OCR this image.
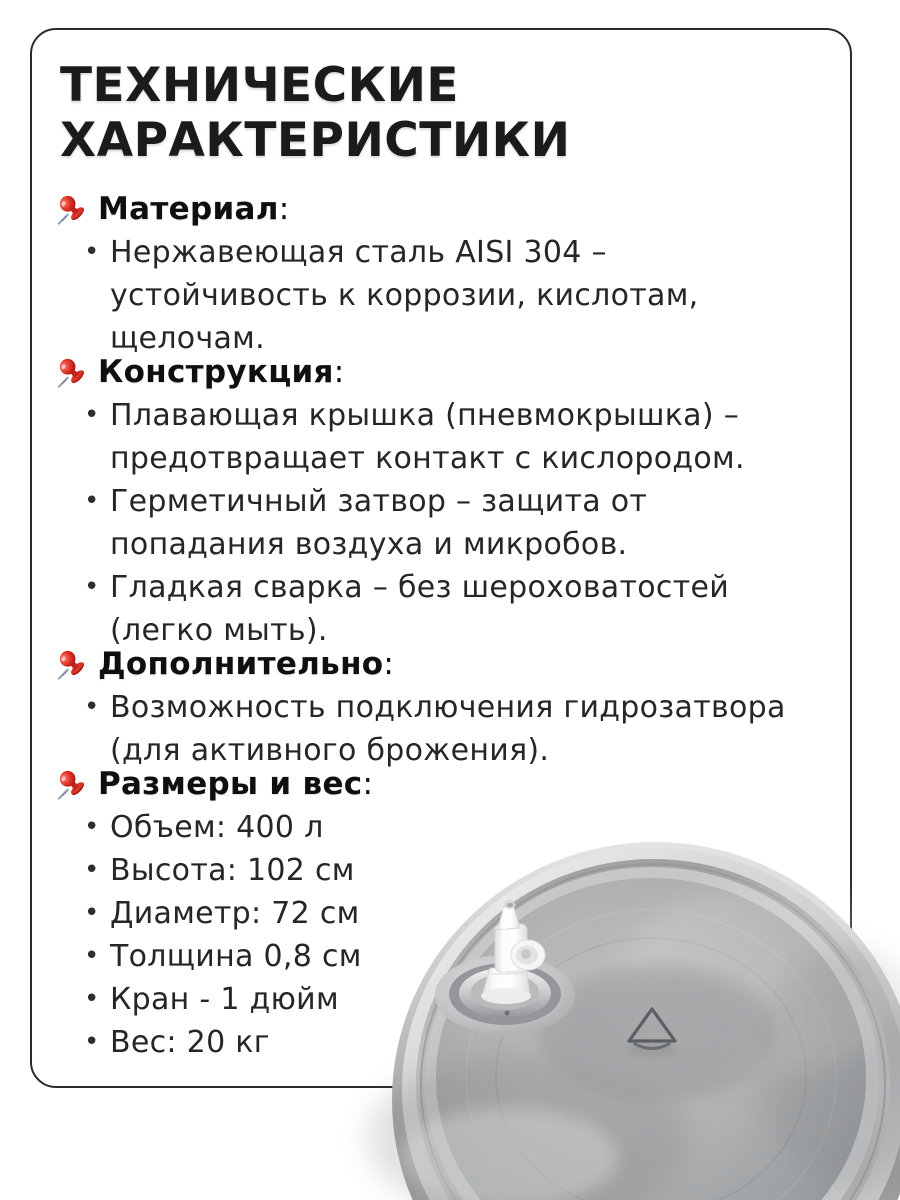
ТЕХНИЧЕСКИЕ
ХАРАКТЕРИСТИКИ
Материал:
• Нержавеющая сталь AISI 304 –
устойчивость к коррозии, кислотам,
щелочам.
Конструкция:
• Плавающая крышка (пневмокрышка) –
предотвращает контакт с кислородом.
• Герметичный затвор – защита от
попадания воздуха и микробов.
• Гладкая сварка – без шероховатостей
(легко мыть).
Дополнительно:
• Возможность подключения гидрозатвора
(для активного брожения).
Размеры и вес:
• Объем: 400 л
• Высота: 102 см
• Диаметр: 72 см
• Толщина 0,8 см
• Кран - 1 дюйм
• Вес: 20 кг
